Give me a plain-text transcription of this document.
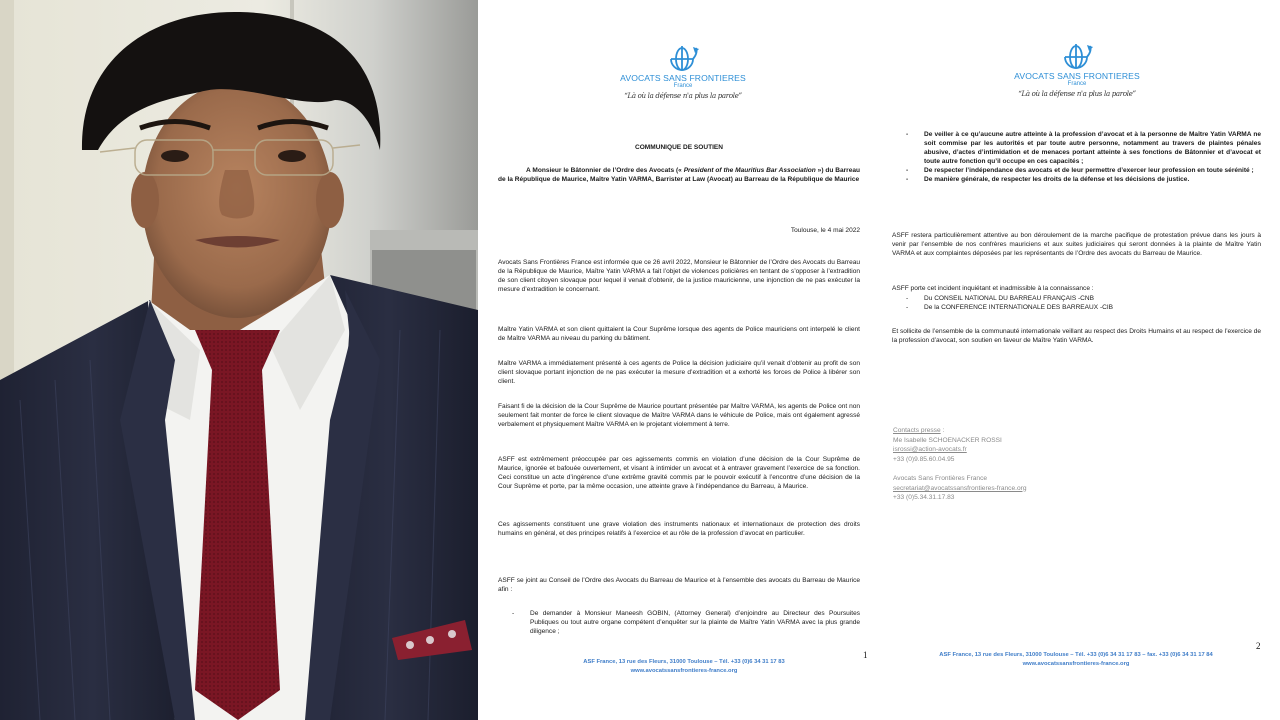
AVOCATS SANS FRONTIERES
France
“Là où la défense n'a plus la parole”
COMMUNIQUE DE SOUTIEN
A Monsieur le Bâtonnier de l’Ordre des Avocats (« President of the Mauritius Bar Association ») du Barreau de la République de Maurice, Maître Yatin VARMA, Barrister at Law (Avocat) au Barreau de la République de Maurice
Toulouse, le 4 mai 2022
Avocats Sans Frontières France est informée que ce 26 avril 2022, Monsieur le Bâtonnier de l’Ordre des Avocats du Barreau de la République de Maurice, Maître Yatin VARMA a fait l’objet de violences policières en tentant de s’opposer à l’extradition de son client citoyen slovaque pour lequel il venait d’obtenir, de la justice mauricienne, une injonction de ne pas exécuter la mesure d’extradition le concernant.
Maître Yatin VARMA et son client quittaient la Cour Suprême lorsque des agents de Police mauriciens ont interpelé le client de Maître VARMA au niveau du parking du bâtiment.
Maître VARMA a immédiatement présenté à ces agents de Police la décision judiciaire qu’il venait d’obtenir au profit de son client slovaque portant injonction de ne pas exécuter la mesure d’extradition et a exhorté les forces de Police à libérer son client.
Faisant fi de la décision de la Cour Suprême de Maurice pourtant présentée par Maître VARMA, les agents de Police ont non seulement fait monter de force le client slovaque de Maître VARMA dans le véhicule de Police, mais ont également agressé verbalement et physiquement Maître VARMA en le projetant violemment à terre.
ASFF est extrêmement préoccupée par ces agissements commis en violation d’une décision de la Cour Suprême de Maurice, ignorée et bafouée ouvertement, et visant à intimider un avocat et à entraver gravement l’exercice de sa fonction. Ceci constitue un acte d’ingérence d’une extrême gravité commis par le pouvoir exécutif à l’encontre d’une décision de la Cour Suprême et porte, par la même occasion, une atteinte grave à l’indépendance du Barreau, à Maurice.
Ces agissements constituent une grave violation des instruments nationaux et internationaux de protection des droits humains en général, et des principes relatifs à l’exercice et au rôle de la profession d’avocat en particulier.
ASFF se joint au Conseil de l’Ordre des Avocats du Barreau de Maurice et à l’ensemble des avocats du Barreau de Maurice afin :
- De demander à Monsieur Maneesh GOBIN, (Attorney General) d’enjoindre au Directeur des Poursuites Publiques ou tout autre organe compétent d’enquêter sur la plainte de Maître Yatin VARMA avec la plus grande diligence ;
1
ASF France, 13 rue des Fleurs, 31000 Toulouse – Tél. +33 (0)6 34 31 17 83
www.avocatssansfrontieres-france.org
AVOCATS SANS FRONTIERES
France
“Là où la défense n'a plus la parole”
- De veiller à ce qu’aucune autre atteinte à la profession d’avocat et à la personne de Maître Yatin VARMA ne soit commise par les autorités et par toute autre personne, notamment au travers de plaintes pénales abusive, d’actes d’intimidation et de menaces portant atteinte à ses fonctions de Bâtonnier et d’avocat et toute autre fonction qu’il occupe en ces capacités ;
- De respecter l’indépendance des avocats et de leur permettre d’exercer leur profession en toute sérénité ;
- De manière générale, de respecter les droits de la défense et les décisions de justice.
ASFF restera particulièrement attentive au bon déroulement de la marche pacifique de protestation prévue dans les jours à venir par l’ensemble de nos confrères mauriciens et aux suites judiciaires qui seront données à la plainte de Maître Yatin VARMA et aux complaintes déposées par les représentants de l’Ordre des avocats du Barreau de Maurice.
ASFF porte cet incident inquiétant et inadmissible à la connaissance :
- Du CONSEIL NATIONAL DU BARREAU FRANÇAIS -CNB
- De la CONFERENCE INTERNATIONALE DES BARREAUX -CIB
Et sollicite de l’ensemble de la communauté internationale veillant au respect des Droits Humains et au respect de l’exercice de la profession d’avocat, son soutien en faveur de Maître Yatin VARMA.
Contacts presse :
Me Isabelle SCHOENACKER ROSSI
isrossi@action-avocats.fr
+33 (0)9.85.60.04.95
Avocats Sans Frontières France
secretariat@avocatssansfrontieres-france.org
+33 (0)5.34.31.17.83
2
ASF France, 13 rue des Fleurs, 31000 Toulouse – Tél. +33 (0)6 34 31 17 83 – fax. +33 (0)6 34 31 17 84
www.avocatssansfrontieres-france.org
